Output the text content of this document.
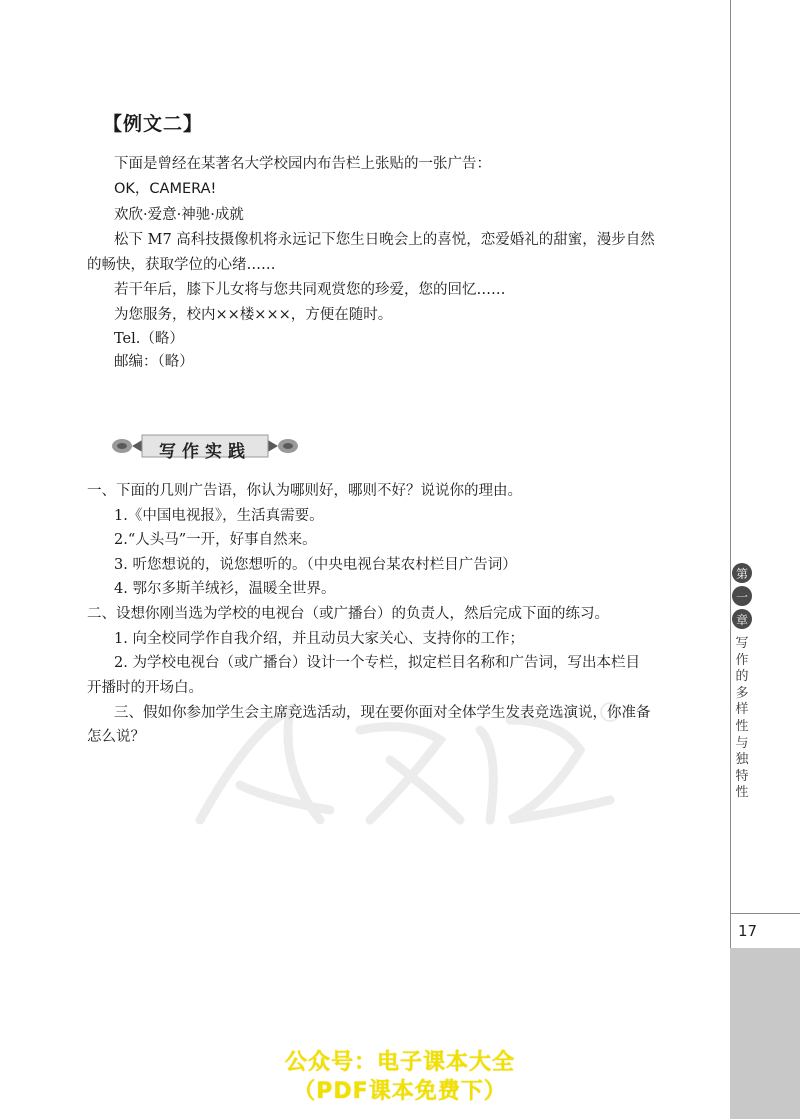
17
第
一
章
写作的多样性与独特性
【例文二】
下面是曾经在某著名大学校园内布告栏上张贴的一张广告：
OK，CAMERA!
欢欣·爱意·神驰·成就
松下 M7 高科技摄像机将永远记下您生日晚会上的喜悦，恋爱婚礼的甜蜜，漫步自然
的畅快，获取学位的心绪……
若干年后，膝下儿女将与您共同观赏您的珍爱，您的回忆……
为您服务，校内××楼×××，方便在随时。
Tel.（略）
邮编：（略）
写作实践
一、下面的几则广告语，你认为哪则好，哪则不好？说说你的理由。
1.《中国电视报》，生活真需要。
2.“人头马”一开，好事自然来。
3. 听您想说的，说您想听的。（中央电视台某农村栏目广告词）
4. 鄂尔多斯羊绒衫，温暖全世界。
二、设想你刚当选为学校的电视台（或广播台）的负责人，然后完成下面的练习。
1. 向全校同学作自我介绍，并且动员大家关心、支持你的工作；
2. 为学校电视台（或广播台）设计一个专栏，拟定栏目名称和广告词，写出本栏目
开播时的开场白。
三、假如你参加学生会主席竞选活动，现在要你面对全体学生发表竞选演说，你准备
怎么说？
公众号：电子课本大全
（PDF课本免费下）
